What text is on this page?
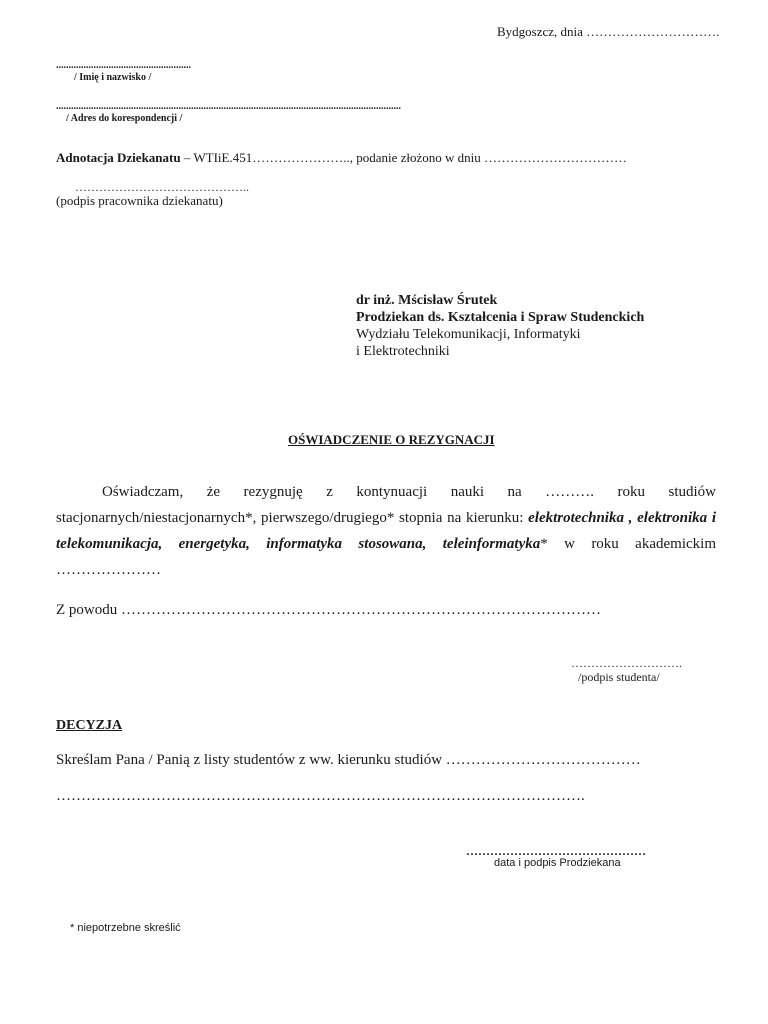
Bydgoszcz, dnia ………………………….
......................................................
/ Imię i nazwisko /
..........................................................................................................................................
/ Adres do korespondencji /
Adnotacja Dziekanatu – WTIiE.451………………….., podanie złożono w dniu ……………………………
……………………………………..
(podpis pracownika dziekanatu)
dr inż. Mścisław Śrutek
Prodziekan ds. Kształcenia i Spraw Studenckich
Wydziału Telekomunikacji, Informatyki
i Elektrotechniki
OŚWIADCZENIE O REZYGNACJI
Oświadczam, że rezygnuję z kontynuacji nauki na ………. roku studiów stacjonarnych/niestacjonarnych*, pierwszego/drugiego* stopnia na kierunku: elektrotechnika , elektronika i telekomunikacja, energetyka, informatyka stosowana, teleinformatyka* w roku akademickim …………………
Z powodu ……………………………………………………………………………………
……………………….
/podpis studenta/
DECYZJA
Skreślam Pana / Panią z listy studentów z ww. kierunku studiów …………………………………
…………………………………………………………………………………………….
………………………………………
data i podpis Prodziekana
* niepotrzebne skreślić
